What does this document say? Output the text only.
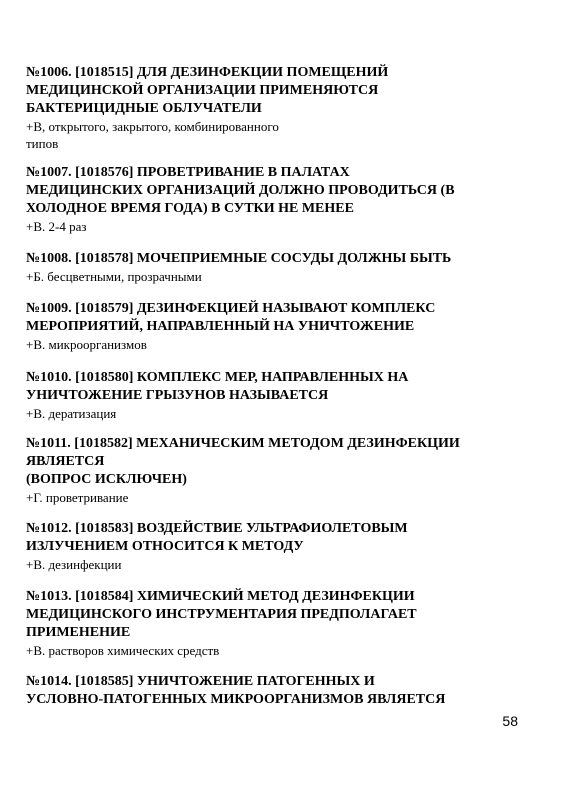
№1006. [1018515] ДЛЯ ДЕЗИНФЕКЦИИ ПОМЕЩЕНИЙ
МЕДИЦИНСКОЙ ОРГАНИЗАЦИИ ПРИМЕНЯЮТСЯ
БАКТЕРИЦИДНЫЕ ОБЛУЧАТЕЛИ

+В, открытого, закрытого, комбинированного
типов

№1007. [1018576] ПРОВЕТРИВАНИЕ В ПАЛАТАХ
МЕДИЦИНСКИХ ОРГАНИЗАЦИЙ ДОЛЖНО ПРОВОДИТЬСЯ (В
ХОЛОДНОЕ ВРЕМЯ ГОДА) В СУТКИ НЕ МЕНЕЕ

+В. 2-4 раз

№1008. [1018578] МОЧЕПРИЕМНЫЕ СОСУДЫ ДОЛЖНЫ БЫТЬ

+Б. бесцветными, прозрачными

№1009. [1018579] ДЕЗИНФЕКЦИЕЙ НАЗЫВАЮТ КОМПЛЕКС
МЕРОПРИЯТИЙ, НАПРАВЛЕННЫЙ НА УНИЧТОЖЕНИЕ

+В. микроорганизмов

№1010. [1018580] КОМПЛЕКС МЕР, НАПРАВЛЕННЫХ НА
УНИЧТОЖЕНИЕ ГРЫЗУНОВ НАЗЫВАЕТСЯ

+В. дератизация

№1011. [1018582] МЕХАНИЧЕСКИМ МЕТОДОМ ДЕЗИНФЕКЦИИ
ЯВЛЯЕТСЯ
(ВОПРОС ИСКЛЮЧЕН)

+Г. проветривание

№1012. [1018583] ВОЗДЕЙСТВИЕ УЛЬТРАФИОЛЕТОВЫМ
ИЗЛУЧЕНИЕМ ОТНОСИТСЯ К МЕТОДУ

+В. дезинфекции

№1013. [1018584] ХИМИЧЕСКИЙ МЕТОД ДЕЗИНФЕКЦИИ
МЕДИЦИНСКОГО ИНСТРУМЕНТАРИЯ ПРЕДПОЛАГАЕТ
ПРИМЕНЕНИЕ

+В. растворов химических средств

№1014. [1018585] УНИЧТОЖЕНИЕ ПАТОГЕННЫХ И
УСЛОВНО-ПАТОГЕННЫХ МИКРООРГАНИЗМОВ ЯВЛЯЕТСЯ

58
